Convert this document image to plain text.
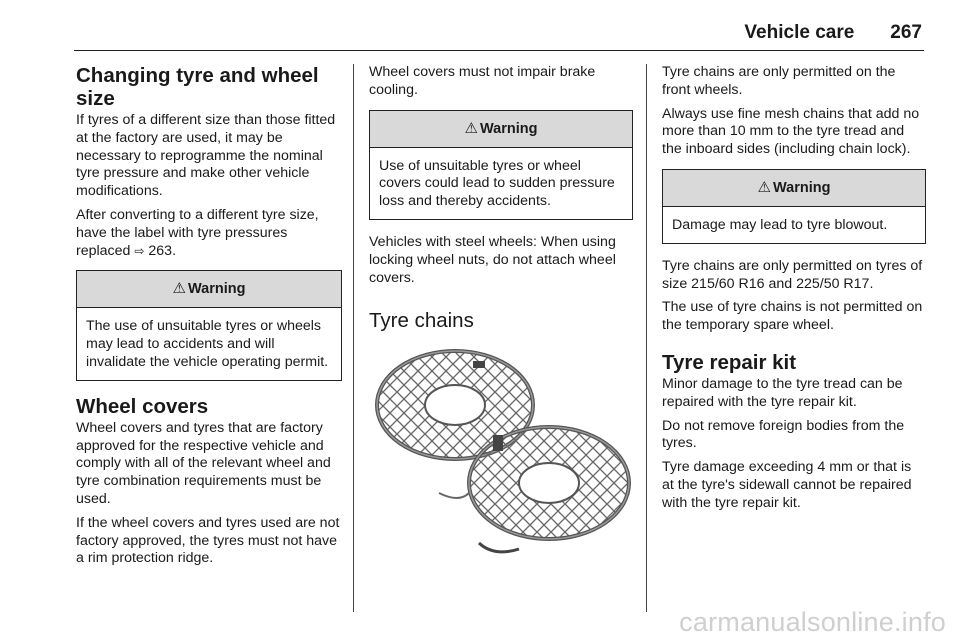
Vehicle care 267
Changing tyre and wheel
size

If tyres of a different size than those fitted at the factory are used, it may be necessary to reprogramme the nominal tyre pressure and make other vehicle modifications.

After converting to a different tyre size, have the label with tyre pressures replaced ⇨ 263.

⚠ Warning
The use of unsuitable tyres or wheels may lead to accidents and will invalidate the vehicle operating permit.
Wheel covers

Wheel covers and tyres that are factory approved for the respective vehicle and comply with all of the relevant wheel and tyre combination requirements must be used.

If the wheel covers and tyres used are not factory approved, the tyres must not have a rim protection ridge.

Wheel covers must not impair brake cooling.

⚠ Warning
Use of unsuitable tyres or wheel covers could lead to sudden pressure loss and thereby accidents.

Vehicles with steel wheels: When using locking wheel nuts, do not attach wheel covers.

Tyre chains

Tyre chains are only permitted on the front wheels.

Always use fine mesh chains that add no more than 10 mm to the tyre tread and the inboard sides (including chain lock).

⚠ Warning
Damage may lead to tyre blowout.

Tyre chains are only permitted on tyres of size 215/60 R16 and 225/50 R17.

The use of tyre chains is not permitted on the temporary spare wheel.

Tyre repair kit

Minor damage to the tyre tread can be repaired with the tyre repair kit.

Do not remove foreign bodies from the tyres.

Tyre damage exceeding 4 mm or that is at the tyre's sidewall cannot be repaired with the tyre repair kit.

carmanualsonline.info
